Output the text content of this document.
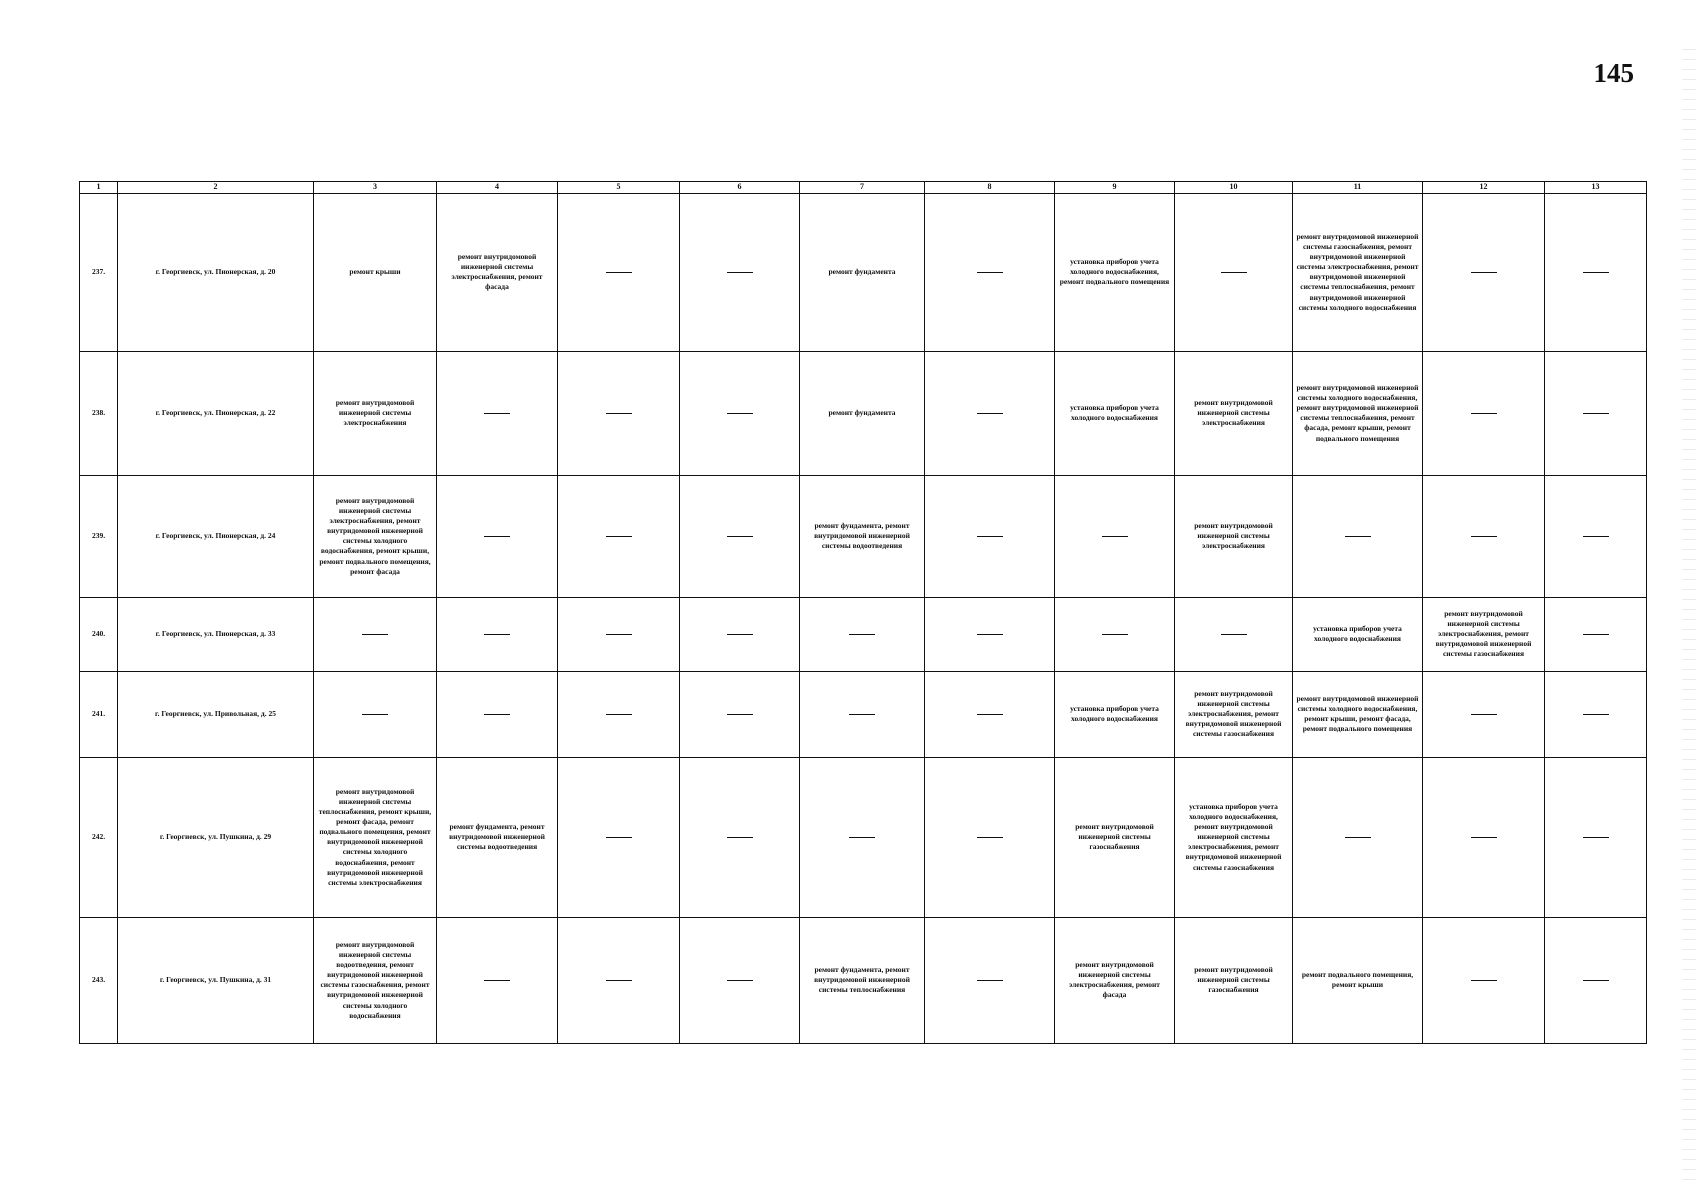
145
1	2	3	4	5	6	7	8	9	10	11	12	13
237.	г. Георгиевск, ул. Пионерская, д. 20	ремонт крыши	ремонт внутридомовой инженерной системы электроснабжения, ремонт фасада			ремонт фундамента		установка приборов учета холодного водоснабжения, ремонт подвального помещения		ремонт внутридомовой инженерной системы газоснабжения, ремонт внутридомовой инженерной системы электроснабжения, ремонт внутридомовой инженерной системы теплоснабжения, ремонт внутридомовой инженерной системы холодного водоснабжения		
238.	г. Георгиевск, ул. Пионерская, д. 22	ремонт внутридомовой инженерной системы электроснабжения				ремонт фундамента		установка приборов учета холодного водоснабжения	ремонт внутридомовой инженерной системы электроснабжения	ремонт внутридомовой инженерной системы холодного водоснабжения, ремонт внутридомовой инженерной системы теплоснабжения, ремонт фасада, ремонт крыши, ремонт подвального помещения		
239.	г. Георгиевск, ул. Пионерская, д. 24	ремонт внутридомовой инженерной системы электроснабжения, ремонт внутридомовой инженерной системы холодного водоснабжения, ремонт крыши, ремонт подвального помещения, ремонт фасада				ремонт фундамента, ремонт внутридомовой инженерной системы водоотведения			ремонт внутридомовой инженерной системы электроснабжения			
240.	г. Георгиевск, ул. Пионерская, д. 33									установка приборов учета холодного водоснабжения	ремонт внутридомовой инженерной системы электроснабжения, ремонт внутридомовой инженерной системы газоснабжения	
241.	г. Георгиевск, ул. Привольная, д. 25							установка приборов учета холодного водоснабжения	ремонт внутридомовой инженерной системы электроснабжения, ремонт внутридомовой инженерной системы газоснабжения	ремонт внутридомовой инженерной системы холодного водоснабжения, ремонт крыши, ремонт фасада, ремонт подвального помещения		
242.	г. Георгиевск, ул. Пушкина, д. 29	ремонт внутридомовой инженерной системы теплоснабжения, ремонт крыши, ремонт фасада, ремонт подвального помещения, ремонт внутридомовой инженерной системы холодного водоснабжения, ремонт внутридомовой инженерной системы электроснабжения	ремонт фундамента, ремонт внутридомовой инженерной системы водоотведения					ремонт внутридомовой инженерной системы газоснабжения	установка приборов учета холодного водоснабжения, ремонт внутридомовой инженерной системы электроснабжения, ремонт внутридомовой инженерной системы газоснабжения			
243.	г. Георгиевск, ул. Пушкина, д. 31	ремонт внутридомовой инженерной системы водоотведения, ремонт внутридомовой инженерной системы газоснабжения, ремонт внутридомовой инженерной системы холодного водоснабжения				ремонт фундамента, ремонт внутридомовой инженерной системы теплоснабжения		ремонт внутридомовой инженерной системы электроснабжения, ремонт фасада	ремонт внутридомовой инженерной системы газоснабжения	ремонт подвального помещения, ремонт крыши		
